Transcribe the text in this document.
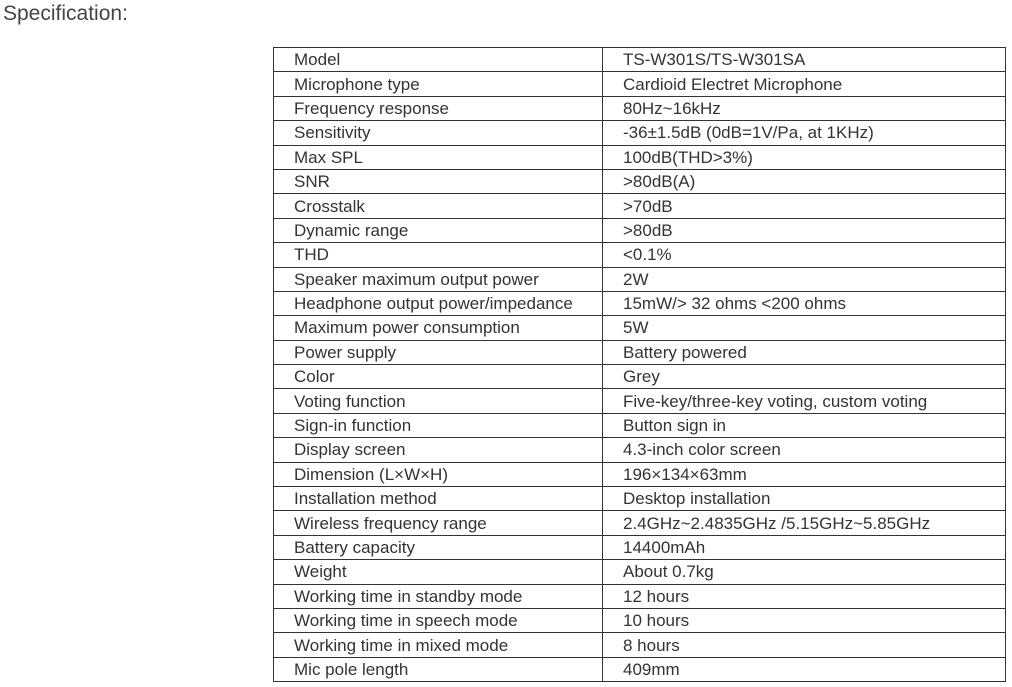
Specification:
Model	TS-W301S/TS-W301SA
Microphone type	Cardioid Electret Microphone
Frequency response	80Hz~16kHz
Sensitivity	-36±1.5dB (0dB=1V/Pa, at 1KHz)
Max SPL	100dB(THD>3%)
SNR	>80dB(A)
Crosstalk	>70dB
Dynamic range	>80dB
THD	<0.1%
Speaker maximum output power	2W
Headphone output power/impedance	15mW/> 32 ohms <200 ohms
Maximum power consumption	5W
Power supply	Battery powered
Color	Grey
Voting function	Five-key/three-key voting, custom voting
Sign-in function	Button sign in
Display screen	4.3-inch color screen
Dimension (L×W×H)	196×134×63mm
Installation method	Desktop installation
Wireless frequency range	2.4GHz~2.4835GHz /5.15GHz~5.85GHz
Battery capacity	14400mAh
Weight	About 0.7kg
Working time in standby mode	12 hours
Working time in speech mode	10 hours
Working time in mixed mode	8 hours
Mic pole length	409mm
